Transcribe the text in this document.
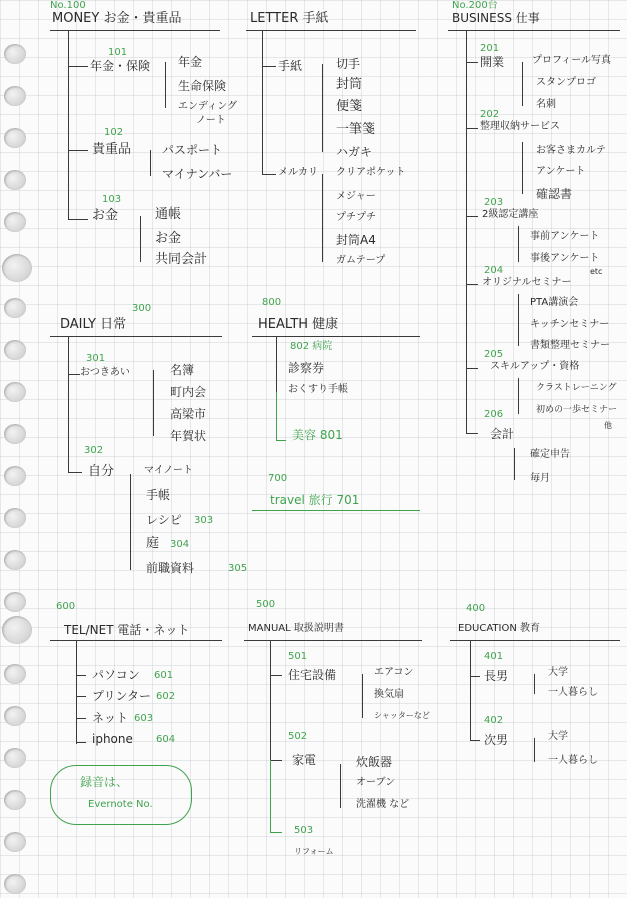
No.100
MONEY お金・貴重品
101
年金・保険 年金
生命保険
エンディング
ノート
102
貴重品	パスポート
マイナンバー
103
お金	通帳
お金
共同会計
LETTER 手紙
手紙	切手
封筒
便箋
一筆箋
ハガキ
メルカリ クリアポケット
メジャー
プチプチ
封筒A4
ガムテープ
No.200台
BUSINESS 仕事
201
開業	プロフィール写真
スタンプロゴ
名刺
202
整理収納サービス
お客さまカルテ
アンケート
確認書
203
2級認定講座
事前アンケート
事後アンケート
etc
204
オリジナルセミナー
PTA講演会
キッチンセミナー
書類整理セミナー
205
スキルアップ・資格
クラストレーニング
初めの一歩セミナー
他
206
会計
確定申告
毎月
300
DAILY 日常
301
おつきあい	名簿
町内会
高梁市
年賀状
302
自分	マイノート
手帳
レシピ 303
庭 304
前職資料	305
800
HEALTH 健康
802 病院
診察券
おくすり手帳
美容 801
700
travel 旅行 701
600
TEL/NET 電話・ネット
パソコン 601
プリンター 602
ネット 603
iphone 604
録音は、
Evernote No.
500
MANUAL 取扱説明書
501
住宅設備	エアコン
換気扇
シャッターなど
502
家電	炊飯器
オーブン
洗濯機 など
503
リフォーム
400
EDUCATION 教育
401
長男	大学
一人暮らし
402
次男	大学
一人暮らし
